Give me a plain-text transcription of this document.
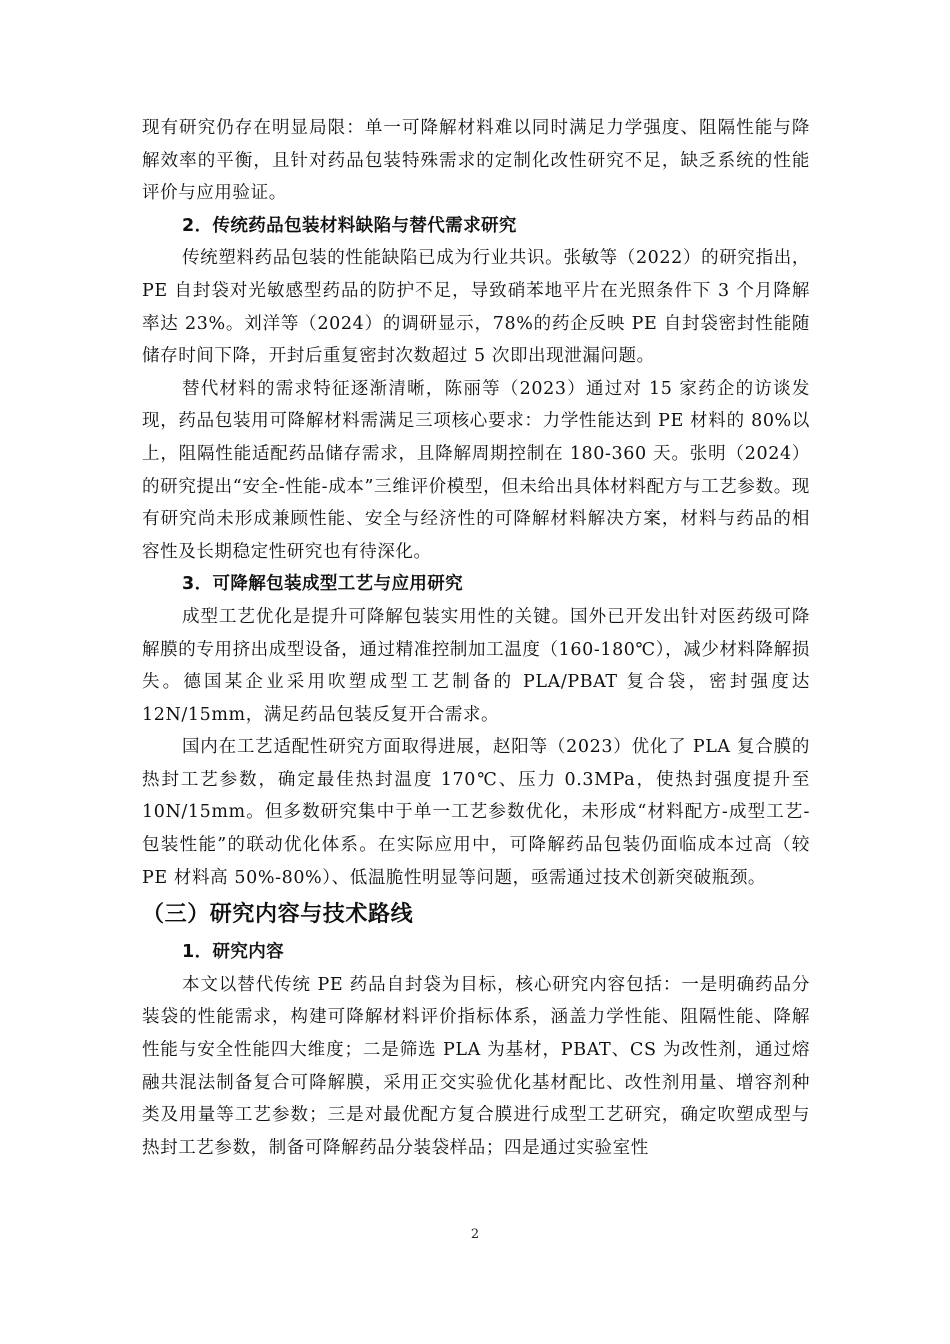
现有研究仍存在明显局限：单一可降解材料难以同时满足力学强度、阻隔性能与降解效率的平衡，且针对药品包装特殊需求的定制化改性研究不足，缺乏系统的性能评价与应用验证。

2．传统药品包装材料缺陷与替代需求研究

传统塑料药品包装的性能缺陷已成为行业共识。张敏等（2022）的研究指出，PE 自封袋对光敏感型药品的防护不足，导致硝苯地平片在光照条件下 3 个月降解率达 23%。刘洋等（2024）的调研显示，78%的药企反映 PE 自封袋密封性能随储存时间下降，开封后重复密封次数超过 5 次即出现泄漏问题。

替代材料的需求特征逐渐清晰，陈丽等（2023）通过对 15 家药企的访谈发现，药品包装用可降解材料需满足三项核心要求：力学性能达到 PE 材料的 80%以上，阻隔性能适配药品储存需求，且降解周期控制在 180-360 天。张明（2024）的研究提出“安全-性能-成本”三维评价模型，但未给出具体材料配方与工艺参数。现有研究尚未形成兼顾性能、安全与经济性的可降解材料解决方案，材料与药品的相容性及长期稳定性研究也有待深化。

3．可降解包装成型工艺与应用研究

成型工艺优化是提升可降解包装实用性的关键。国外已开发出针对医药级可降解膜的专用挤出成型设备，通过精准控制加工温度（160-180℃），减少材料降解损失。德国某企业采用吹塑成型工艺制备的 PLA/PBAT 复合袋，密封强度达 12N/15mm，满足药品包装反复开合需求。

国内在工艺适配性研究方面取得进展，赵阳等（2023）优化了 PLA 复合膜的热封工艺参数，确定最佳热封温度 170℃、压力 0.3MPa，使热封强度提升至 10N/15mm。但多数研究集中于单一工艺参数优化，未形成“材料配方-成型工艺-包装性能”的联动优化体系。在实际应用中，可降解药品包装仍面临成本过高（较 PE 材料高 50%-80%）、低温脆性明显等问题，亟需通过技术创新突破瓶颈。

（三）研究内容与技术路线
1．研究内容

本文以替代传统 PE 药品自封袋为目标，核心研究内容包括：一是明确药品分装袋的性能需求，构建可降解材料评价指标体系，涵盖力学性能、阻隔性能、降解性能与安全性能四大维度；二是筛选 PLA 为基材，PBAT、CS 为改性剂，通过熔融共混法制备复合可降解膜，采用正交实验优化基材配比、改性剂用量、增容剂种类及用量等工艺参数；三是对最优配方复合膜进行成型工艺研究，确定吹塑成型与热封工艺参数，制备可降解药品分装袋样品；四是通过实验室性

2
